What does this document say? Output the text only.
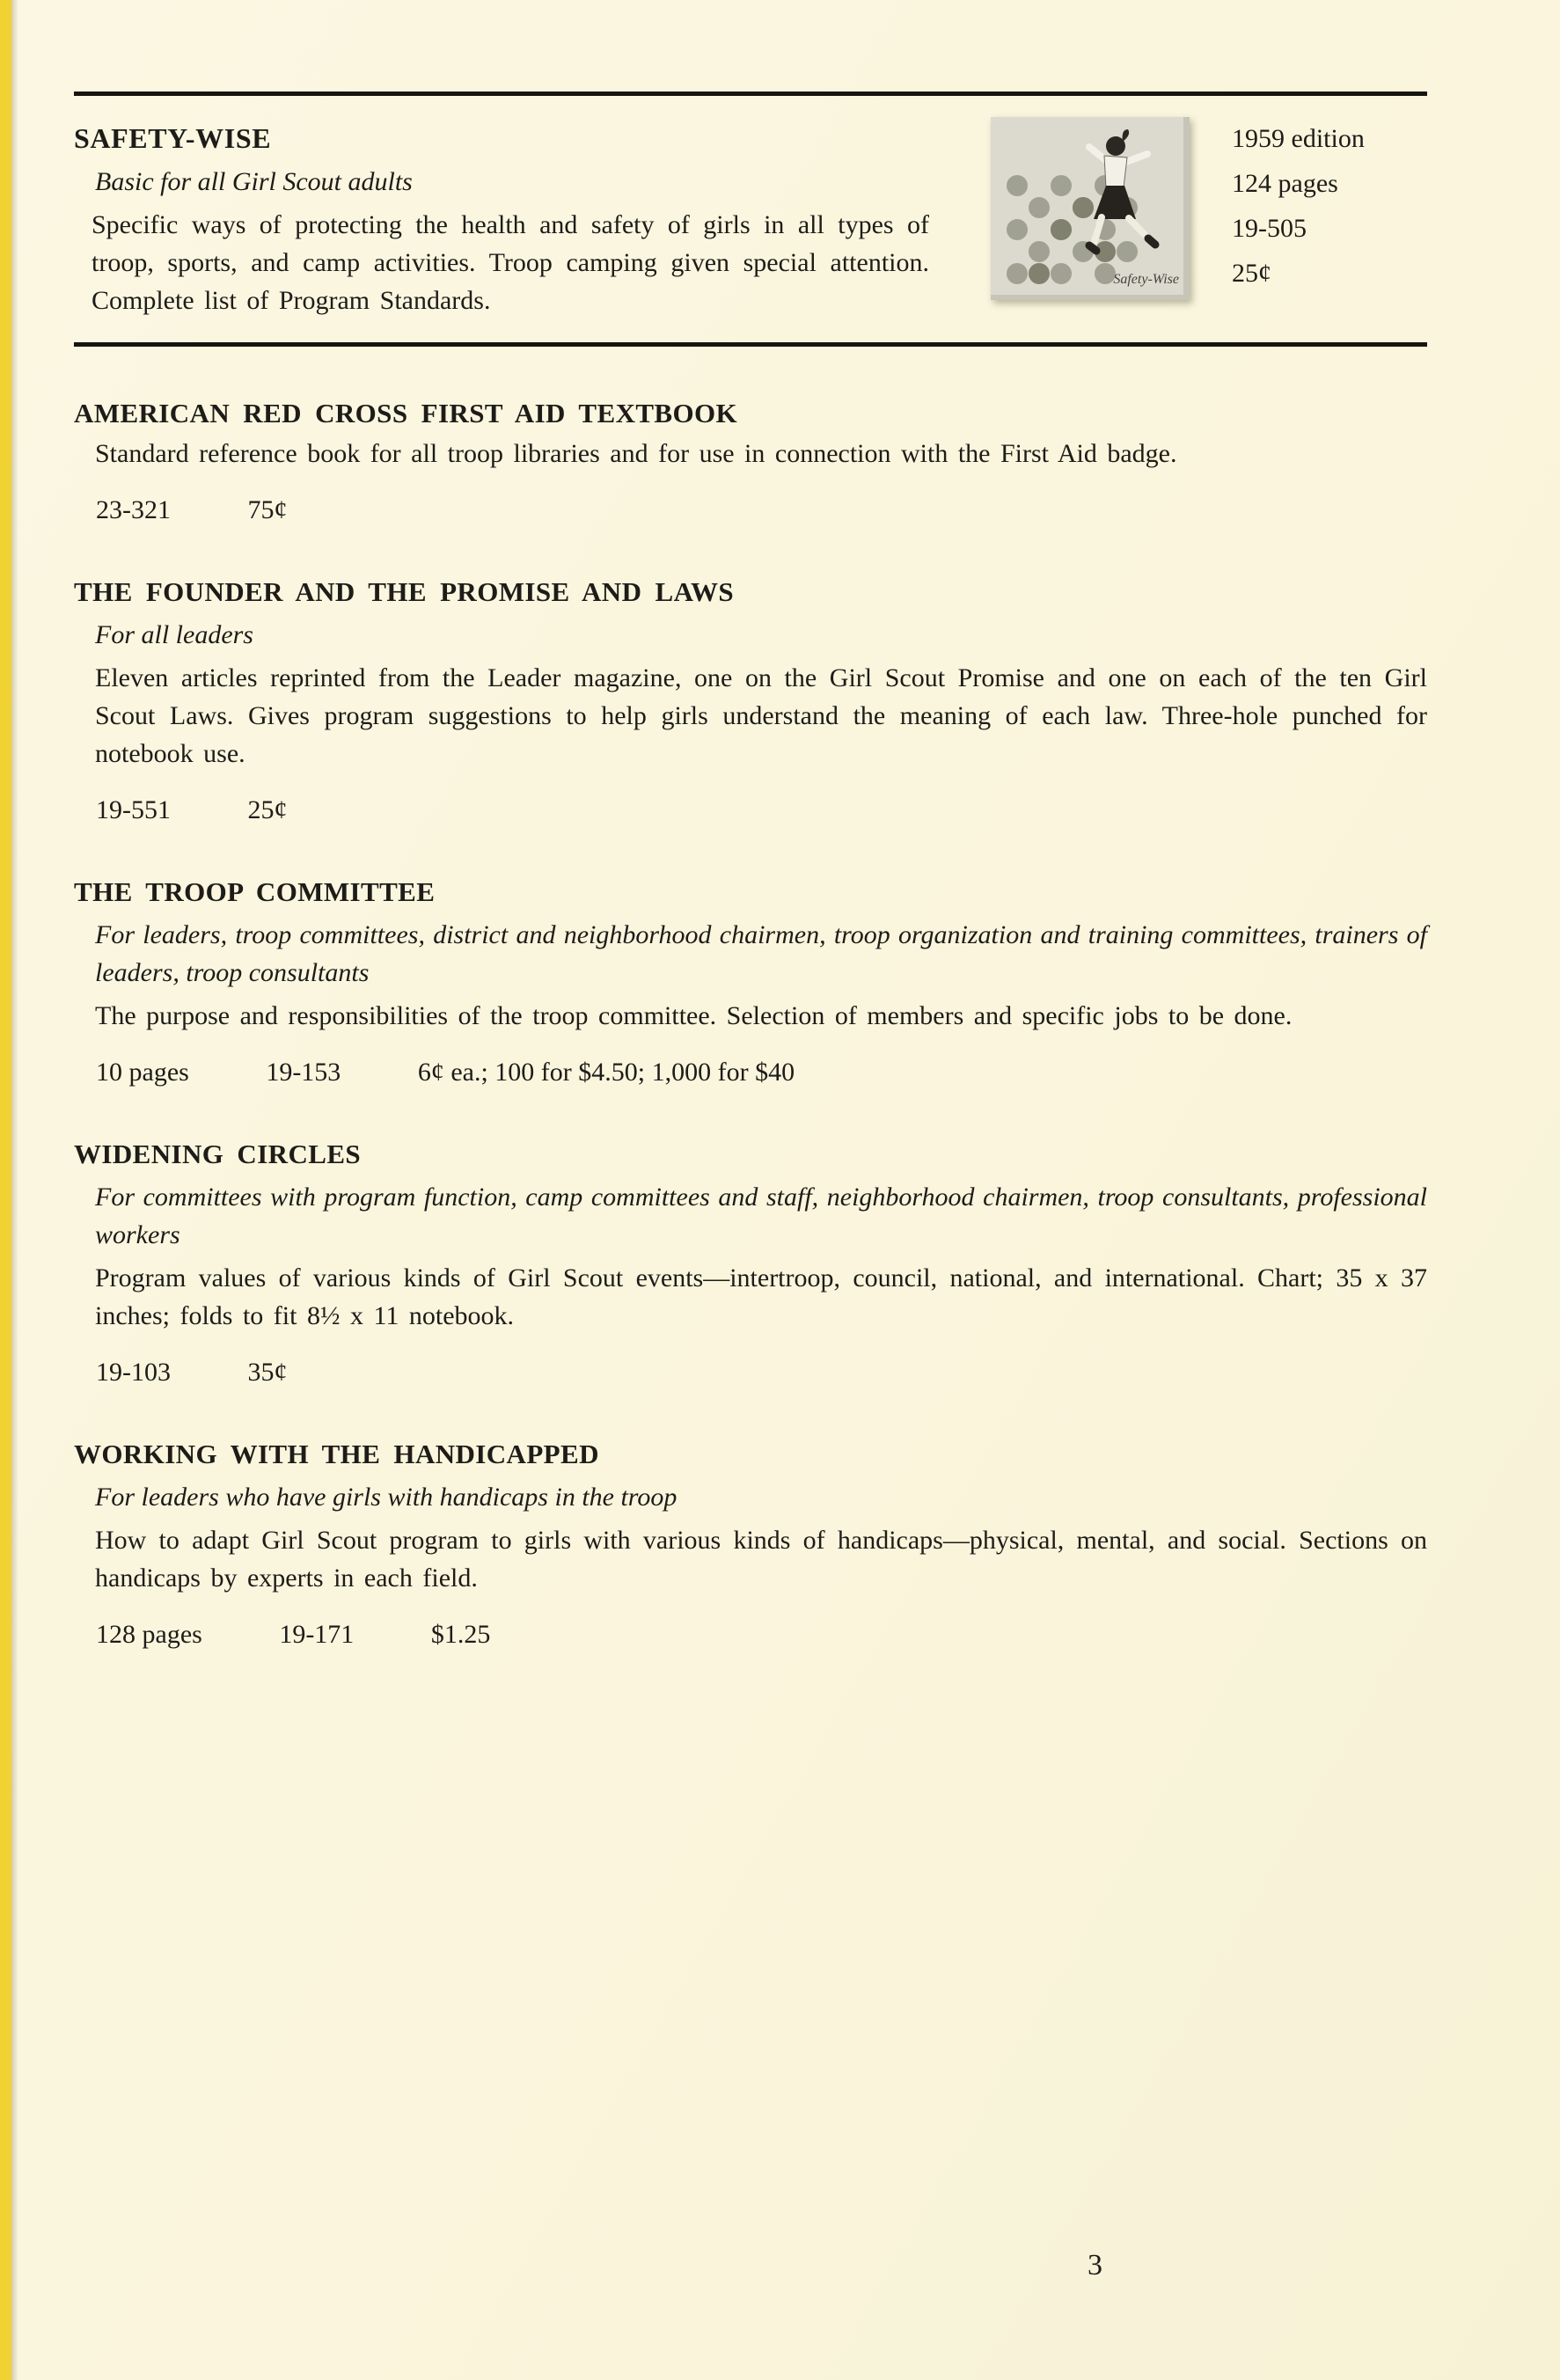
SAFETY-WISE

Basic for all Girl Scout adults

Specific ways of protecting the health and safety of girls in all types of troop, sports, and camp activities. Troop camping given special attention. Complete list of Program Standards.

Safety-Wise
1959 edition
124 pages
19-505
25¢
AMERICAN RED CROSS FIRST AID TEXTBOOK

Standard reference book for all troop libraries and for use in connection with the First Aid badge.

23-321	75¢

THE FOUNDER AND THE PROMISE AND LAWS

For all leaders

Eleven articles reprinted from the Leader magazine, one on the Girl Scout Promise and one on each of the ten Girl Scout Laws. Gives program suggestions to help girls understand the meaning of each law. Three-hole punched for notebook use.

19-551	25¢

THE TROOP COMMITTEE

For leaders, troop committees, district and neighborhood chairmen, troop organization and training committees, trainers of leaders, troop consultants

The purpose and responsibilities of the troop committee. Selection of members and specific jobs to be done.

10 pages	19-153	6¢ ea.; 100 for $4.50; 1,000 for $40

WIDENING CIRCLES

For committees with program function, camp committees and staff, neighborhood chairmen, troop consultants, professional workers

Program values of various kinds of Girl Scout events—intertroop, council, national, and international. Chart; 35 x 37 inches; folds to fit 8½ x 11 notebook.

19-103	35¢

WORKING WITH THE HANDICAPPED

For leaders who have girls with handicaps in the troop

How to adapt Girl Scout program to girls with various kinds of handicaps—physical, mental, and social. Sections on handicaps by experts in each field.

128 pages	19-171	$1.25

3
